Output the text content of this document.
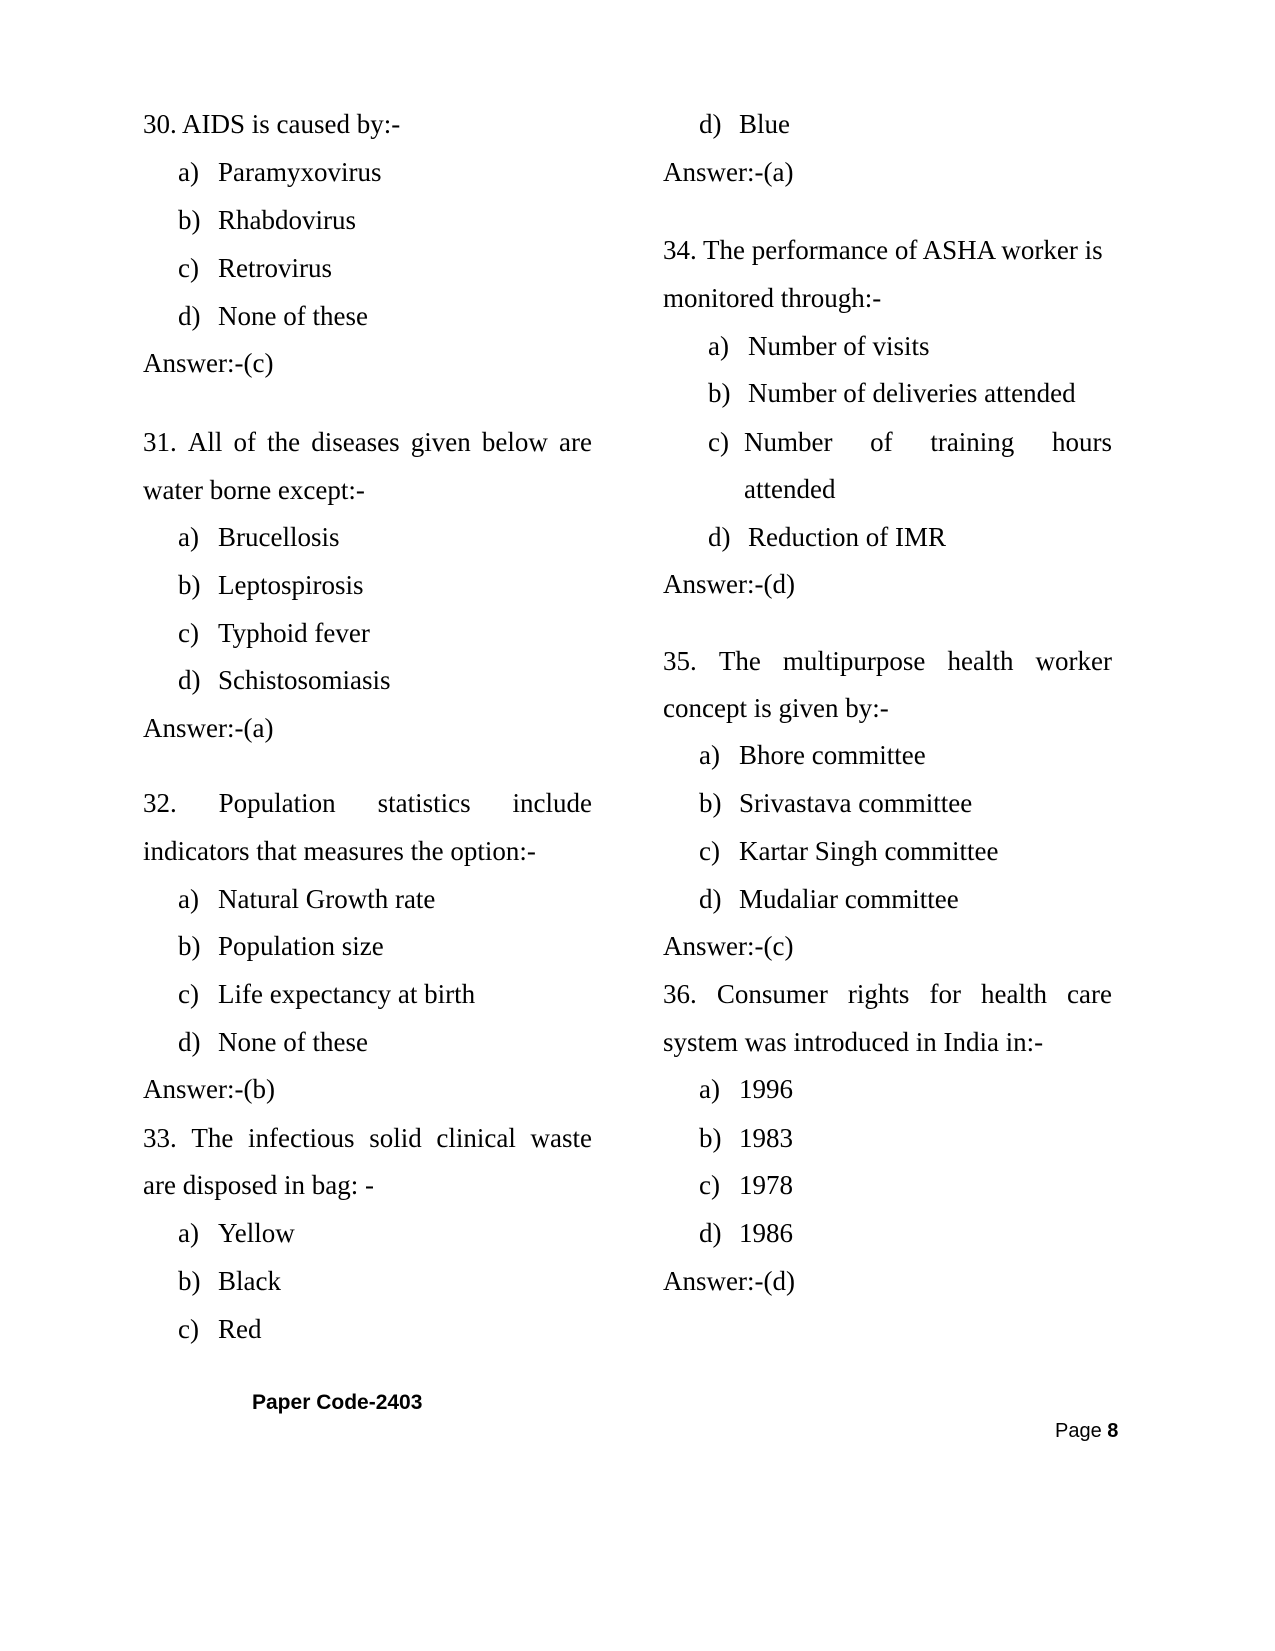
30. AIDS is caused by:-
a) Paramyxovirus
b) Rhabdovirus
c) Retrovirus
d) None of these
Answer:-(c)
31. All of the diseases given below are
water borne except:-
a) Brucellosis
b) Leptospirosis
c) Typhoid fever
d) Schistosomiasis
Answer:-(a)
32. Population statistics include
indicators that measures the option:-
a) Natural Growth rate
b) Population size
c) Life expectancy at birth
d) None of these
Answer:-(b)
33. The infectious solid clinical waste
are disposed in bag: -
a) Yellow
b) Black
c) Red
d) Blue
Answer:-(a)
34. The performance of ASHA worker is
monitored through:-
a) Number of visits
b) Number of deliveries attended
c) Number of training hours
attended
d) Reduction of IMR
Answer:-(d)
35. The multipurpose health worker
concept is given by:-
a) Bhore committee
b) Srivastava committee
c) Kartar Singh committee
d) Mudaliar committee
Answer:-(c)
36. Consumer rights for health care
system was introduced in India in:-
a) 1996
b) 1983
c) 1978
d) 1986
Answer:-(d)
Paper Code-2403
Page 8
